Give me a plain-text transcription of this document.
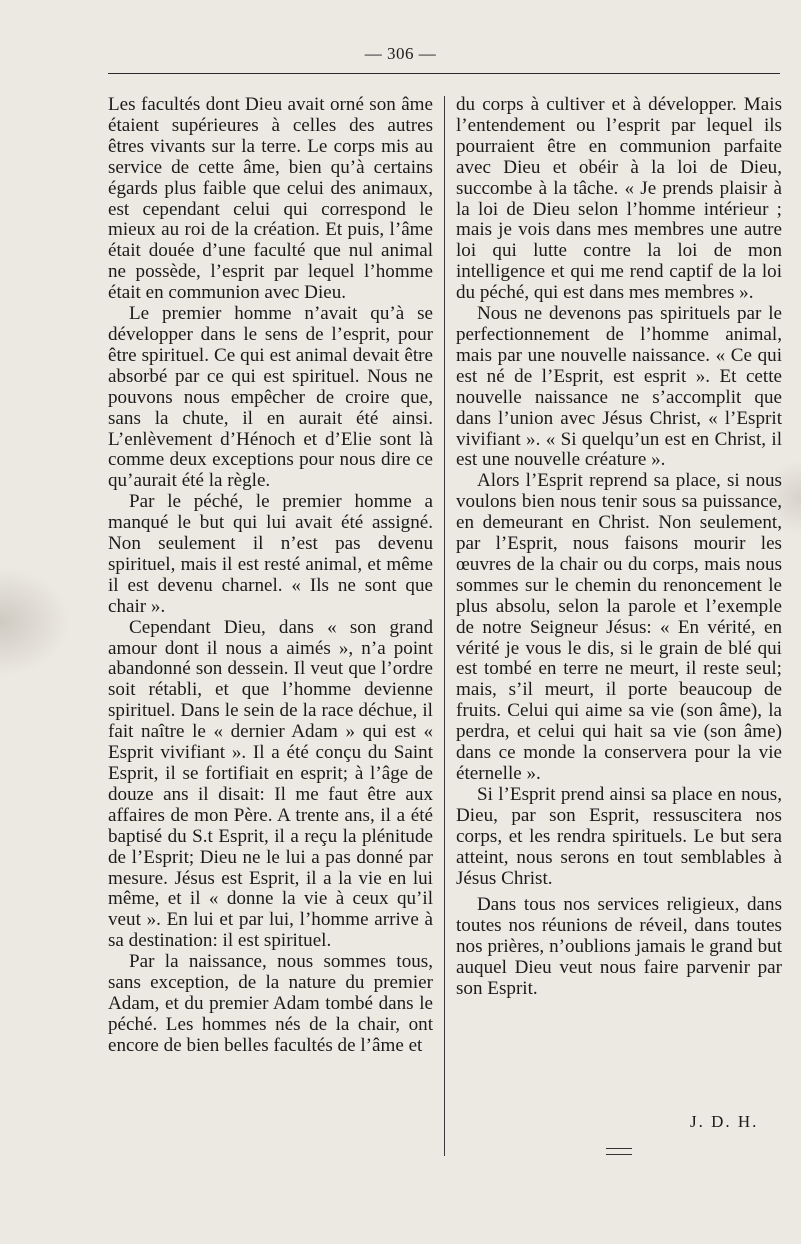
— 306 —

Les facultés dont Dieu avait orné son âme étaient supérieures à celles des autres êtres vivants sur la terre. Le corps mis au service de cette âme, bien qu’à certains égards plus faible que celui des animaux, est cependant celui qui correspond le mieux au roi de la création. Et puis, l’âme était douée d’une faculté que nul animal ne possède, l’esprit par lequel l’homme était en communion avec Dieu.

Le premier homme n’avait qu’à se développer dans le sens de l’esprit, pour être spirituel. Ce qui est animal devait être absorbé par ce qui est spirituel. Nous ne pouvons nous empêcher de croire que, sans la chute, il en aurait été ainsi. L’enlèvement d’Hénoch et d’Elie sont là comme deux exceptions pour nous dire ce qu’aurait été la règle.

Par le péché, le premier homme a manqué le but qui lui avait été assigné. Non seulement il n’est pas devenu spirituel, mais il est resté animal, et même il est devenu charnel. « Ils ne sont que chair ».

Cependant Dieu, dans « son grand amour dont il nous a aimés », n’a point abandonné son dessein. Il veut que l’ordre soit rétabli, et que l’homme devienne spirituel. Dans le sein de la race déchue, il fait naître le « dernier Adam » qui est « Esprit vivifiant ». Il a été conçu du Saint Esprit, il se fortifiait en esprit; à l’âge de douze ans il disait: Il me faut être aux affaires de mon Père. A trente ans, il a été baptisé du S.t Esprit, il a reçu la plénitude de l’Esprit; Dieu ne le lui a pas donné par mesure. Jésus est Esprit, il a la vie en lui même, et il « donne la vie à ceux qu’il veut ». En lui et par lui, l’homme arrive à sa destination: il est spirituel.

Par la naissance, nous sommes tous, sans exception, de la nature du premier Adam, et du premier Adam tombé dans le péché. Les hommes nés de la chair, ont encore de bien belles facultés de l’âme et

du corps à cultiver et à développer. Mais l’entendement ou l’esprit par lequel ils pourraient être en communion parfaite avec Dieu et obéir à la loi de Dieu, succombe à la tâche. « Je prends plaisir à la loi de Dieu selon l’homme intérieur ; mais je vois dans mes membres une autre loi qui lutte contre la loi de mon intelligence et qui me rend captif de la loi du péché, qui est dans mes membres ».

Nous ne devenons pas spirituels par le perfectionnement de l’homme animal, mais par une nouvelle naissance. « Ce qui est né de l’Esprit, est esprit ». Et cette nouvelle naissance ne s’accomplit que dans l’union avec Jésus Christ, « l’Esprit vivifiant ». « Si quelqu’un est en Christ, il est une nouvelle créature ».

Alors l’Esprit reprend sa place, si nous voulons bien nous tenir sous sa puissance, en demeurant en Christ. Non seulement, par l’Esprit, nous faisons mourir les œuvres de la chair ou du corps, mais nous sommes sur le chemin du renoncement le plus absolu, selon la parole et l’exemple de notre Seigneur Jésus: « En vérité, en vérité je vous le dis, si le grain de blé qui est tombé en terre ne meurt, il reste seul; mais, s’il meurt, il porte beaucoup de fruits. Celui qui aime sa vie (son âme), la perdra, et celui qui hait sa vie (son âme) dans ce monde la conservera pour la vie éternelle ».

Si l’Esprit prend ainsi sa place en nous, Dieu, par son Esprit, ressuscitera nos corps, et les rendra spirituels. Le but sera atteint, nous serons en tout semblables à Jésus Christ.

Dans tous nos services religieux, dans toutes nos réunions de réveil, dans toutes nos prières, n’oublions jamais le grand but auquel Dieu veut nous faire parvenir par son Esprit.

J. D. H.
